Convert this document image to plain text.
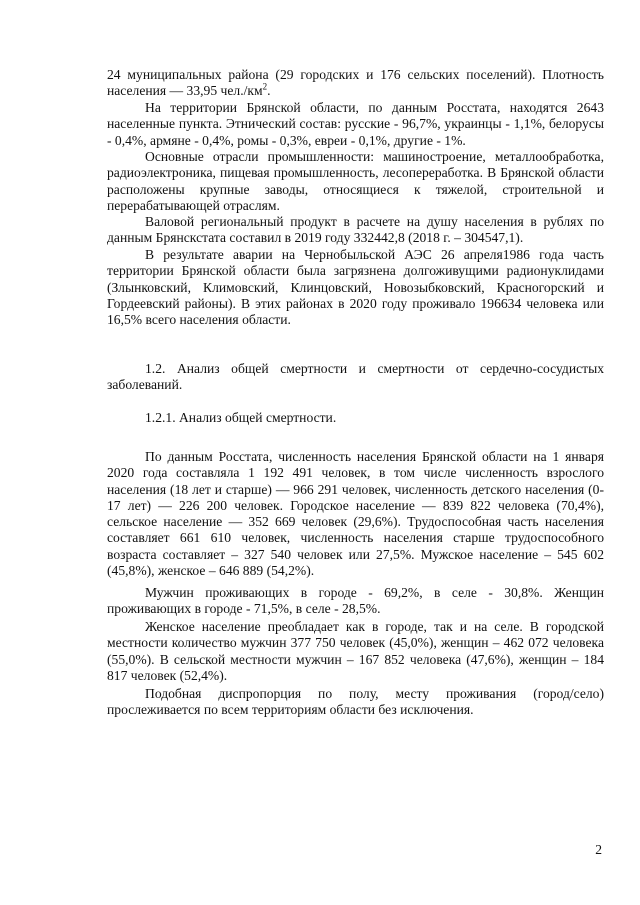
24 муниципальных района (29 городских и 176 сельских поселений). Плотность населения — 33,95 $чел./км^2$.

На территории Брянской области, по данным Росстата, находятся 2643 населенные пункта. Этнический состав: русские - 96,7%, украинцы - 1,1%, белорусы - 0,4%, армяне - 0,4%, ромы - 0,3%, евреи - 0,1%, другие - 1%.

Основные отрасли промышленности: машиностроение, металлообработка, радиоэлектроника, пищевая промышленность, лесопереработка. В Брянской области расположены крупные заводы, относящиеся к тяжелой, строительной и перерабатывающей отраслям.

Валовой региональный продукт в расчете на душу населения в рублях по данным Брянскстата составил в 2019 году 332442,8 (2018 г. – 304547,1).

В результате аварии на Чернобыльской АЭС 26 апреля1986 года часть территории Брянской области была загрязнена долгоживущими радионуклидами (Злынковский, Климовский, Клинцовский, Новозыбковский, Красногорский и Гордеевский районы). В этих районах в 2020 году проживало 196634 человека или 16,5% всего населения области.

1.2. Анализ общей смертности и смертности от сердечно-сосудистых заболеваний.

1.2.1. Анализ общей смертности.

По данным Росстата, численность населения Брянской области на 1 января 2020 года составляла 1 192 491 человек, в том числе численность взрослого населения (18 лет и старше) — 966 291 человек, численность детского населения (0-17 лет) — 226 200 человек. Городское население — 839 822 человека (70,4%), сельское население — 352 669 человек (29,6%). Трудоспособная часть населения составляет 661 610 человек, численность населения старше трудоспособного возраста составляет – 327 540 человек или 27,5%. Мужское население – 545 602 (45,8%), женское – 646 889 (54,2%).

Мужчин проживающих в городе - 69,2%, в селе - 30,8%. Женщин проживающих в городе - 71,5%, в селе - 28,5%.

Женское население преобладает как в городе, так и на селе. В городской местности количество мужчин 377 750 человек (45,0%), женщин – 462 072 человека (55,0%). В сельской местности мужчин – 167 852 человека (47,6%), женщин – 184 817 человек (52,4%).

Подобная диспропорция по полу, месту проживания (город/село) прослеживается по всем территориям области без исключения.

2
